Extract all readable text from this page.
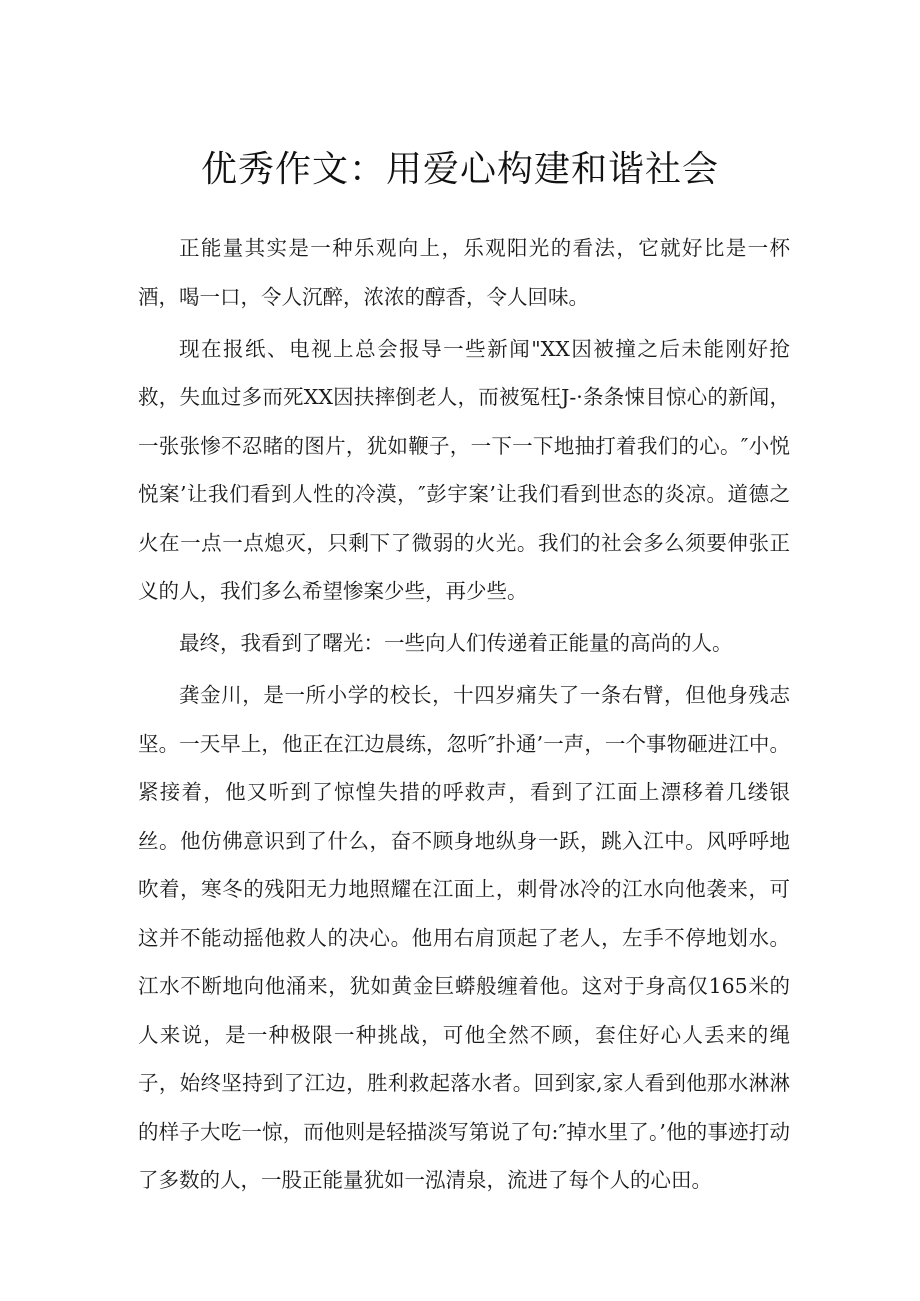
优秀作文：用爱心构建和谐社会

正能量其实是一种乐观向上，乐观阳光的看法，它就好比是一杯酒，喝一口，令人沉醉，浓浓的醇香，令人回味。

现在报纸、电视上总会报导一些新闻"XX因被撞之后未能刚好抢救，失血过多而死XX因扶摔倒老人，而被冤枉J-·条条悚目惊心的新闻，一张张惨不忍睹的图片，犹如鞭子，一下一下地抽打着我们的心。″小悦悦案’让我们看到人性的冷漠，″彭宇案’让我们看到世态的炎凉。道德之火在一点一点熄灭，只剩下了微弱的火光。我们的社会多么须要伸张正义的人，我们多么希望惨案少些，再少些。

最终，我看到了曙光：一些向人们传递着正能量的高尚的人。

龚金川，是一所小学的校长，十四岁痛失了一条右臂，但他身残志坚。一天早上，他正在江边晨练，忽听″扑通’一声，一个事物砸进江中。紧接着，他又听到了惊惶失措的呼救声，看到了江面上漂移着几缕银丝。他仿佛意识到了什么，奋不顾身地纵身一跃，跳入江中。风呼呼地吹着，寒冬的残阳无力地照耀在江面上，刺骨冰冷的江水向他袭来，可这并不能动摇他救人的决心。他用右肩顶起了老人，左手不停地划水。江水不断地向他涌来，犹如黄金巨蟒般缠着他。这对于身高仅165米的人来说，是一种极限一种挑战，可他全然不顾，套住好心人丢来的绳子，始终坚持到了江边，胜利救起落水者。回到家,家人看到他那水淋淋的样子大吃一惊，而他则是轻描淡写第说了句:″掉水里了。’他的事迹打动了多数的人，一股正能量犹如一泓清泉，流进了每个人的心田。
